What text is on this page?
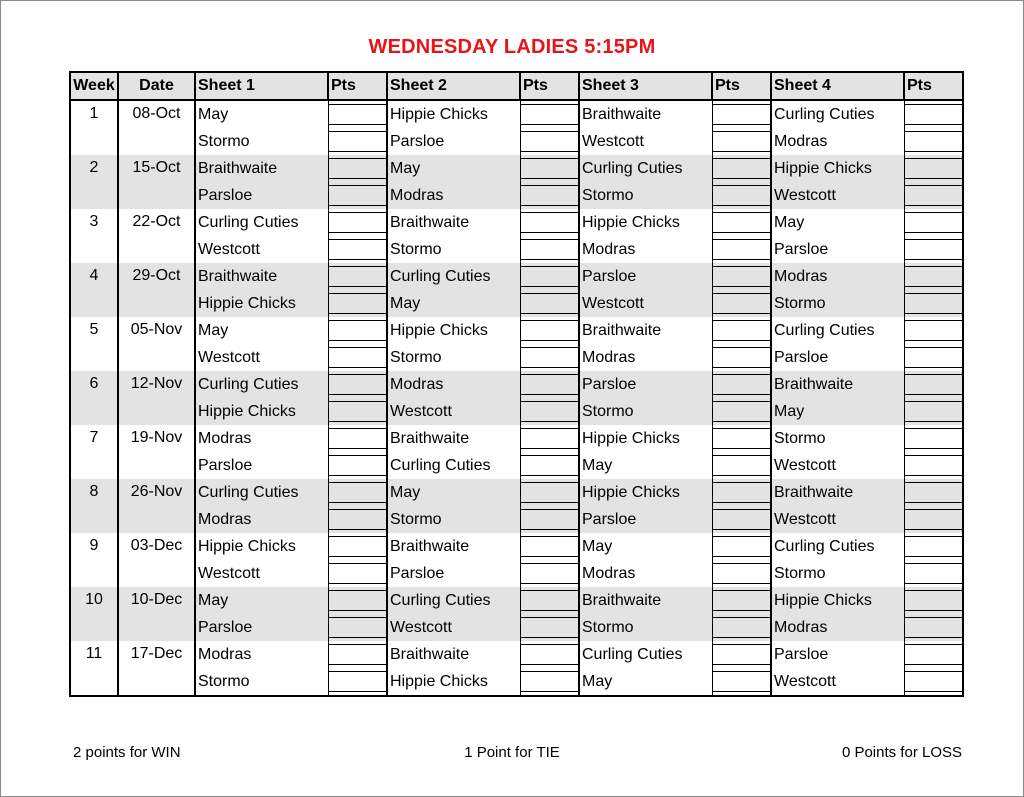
WEDNESDAY LADIES 5:15PM
Week	Date	Sheet 1	Pts	Sheet 2	Pts	Sheet 3	Pts	Sheet 4	Pts
1	08-Oct	May		Hippie Chicks		Braithwaite		Curling Cuties	

		Stormo		Parsloe		Westcott		Modras	

2	15-Oct	Braithwaite		May		Curling Cuties		Hippie Chicks	

		Parsloe		Modras		Stormo		Westcott	

3	22-Oct	Curling Cuties		Braithwaite		Hippie Chicks		May	

		Westcott		Stormo		Modras		Parsloe	

4	29-Oct	Braithwaite		Curling Cuties		Parsloe		Modras	

		Hippie Chicks		May		Westcott		Stormo	

5	05-Nov	May		Hippie Chicks		Braithwaite		Curling Cuties	

		Westcott		Stormo		Modras		Parsloe	

6	12-Nov	Curling Cuties		Modras		Parsloe		Braithwaite	

		Hippie Chicks		Westcott		Stormo		May	

7	19-Nov	Modras		Braithwaite		Hippie Chicks		Stormo	

		Parsloe		Curling Cuties		May		Westcott	

8	26-Nov	Curling Cuties		May		Hippie Chicks		Braithwaite	

		Modras		Stormo		Parsloe		Westcott	

9	03-Dec	Hippie Chicks		Braithwaite		May		Curling Cuties	

		Westcott		Parsloe		Modras		Stormo	

10	10-Dec	May		Curling Cuties		Braithwaite		Hippie Chicks	

		Parsloe		Westcott		Stormo		Modras	

11	17-Dec	Modras		Braithwaite		Curling Cuties		Parsloe	

		Stormo		Hippie Chicks		May		Westcott	
2 points for WIN	1 Point for TIE	0 Points for LOSS
